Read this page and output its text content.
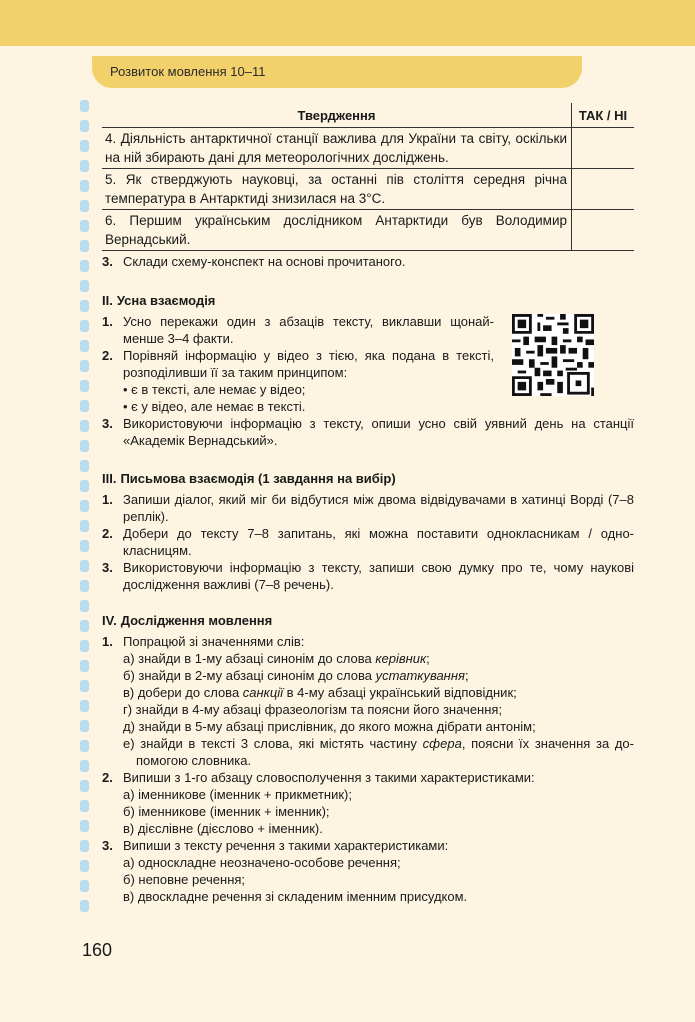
Розвиток мовлення 10–11
Твердження	ТАК / НІ
4. Діяльність антарктичної станції важлива для України та світу, оскільки на ній збирають дані для метеорологічних досліджень.	
5. Як стверджують науковці, за останні пів століття середня річна температура в Антарктиді знизилася на 3°С.	
6. Першим українським дослідником Антарктиди був Володимир Вернадський.	
3. Склади схему-конспект на основі прочитаного.
ІІ. Усна взаємодія
1. Усно перекажи один з абзаців тексту, виклавши щонай-менше 3–4 факти.
2. Порівняй інформацію у відео з тією, яка подана в тексті, розподіливши її за таким принципом:
• є в тексті, але немає у відео;
• є у відео, але немає в тексті.
3. Використовуючи інформацію з тексту, опиши усно свій уявний день на станції «Академік Вернадський».
ІІІ. Письмова взаємодія (1 завдання на вибір)
1. Запиши діалог, який міг би відбутися між двома відвідувачами в хатинці Ворді (7–8 реплік).
2. Добери до тексту 7–8 запитань, які можна поставити однокласникам / одно-класницям.
3. Використовуючи інформацію з тексту, запиши свою думку про те, чому наукові дослідження важливі (7–8 речень).
IV. Дослідження мовлення
1. Попрацюй зі значеннями слів:
а) знайди в 1-му абзаці синонім до слова керівник;
б) знайди в 2-му абзаці синонім до слова устаткування;
в) добери до слова санкції в 4-му абзаці український відповідник;
г) знайди в 4-му абзаці фразеологізм та поясни його значення;
д) знайди в 5-му абзаці прислівник, до якого можна дібрати антонім;
е) знайди в тексті 3 слова, які містять частину сфера, поясни їх значення за до-помогою словника.
2. Випиши з 1-го абзацу словосполучення з такими характеристиками:
а) іменникове (іменник + прикметник);
б) іменникове (іменник + іменник);
в) дієслівне (дієслово + іменник).
3. Випиши з тексту речення з такими характеристиками:
а) односкладне неозначено-особове речення;
б) неповне речення;
в) двоскладне речення зі складеним іменним присудком.
160
